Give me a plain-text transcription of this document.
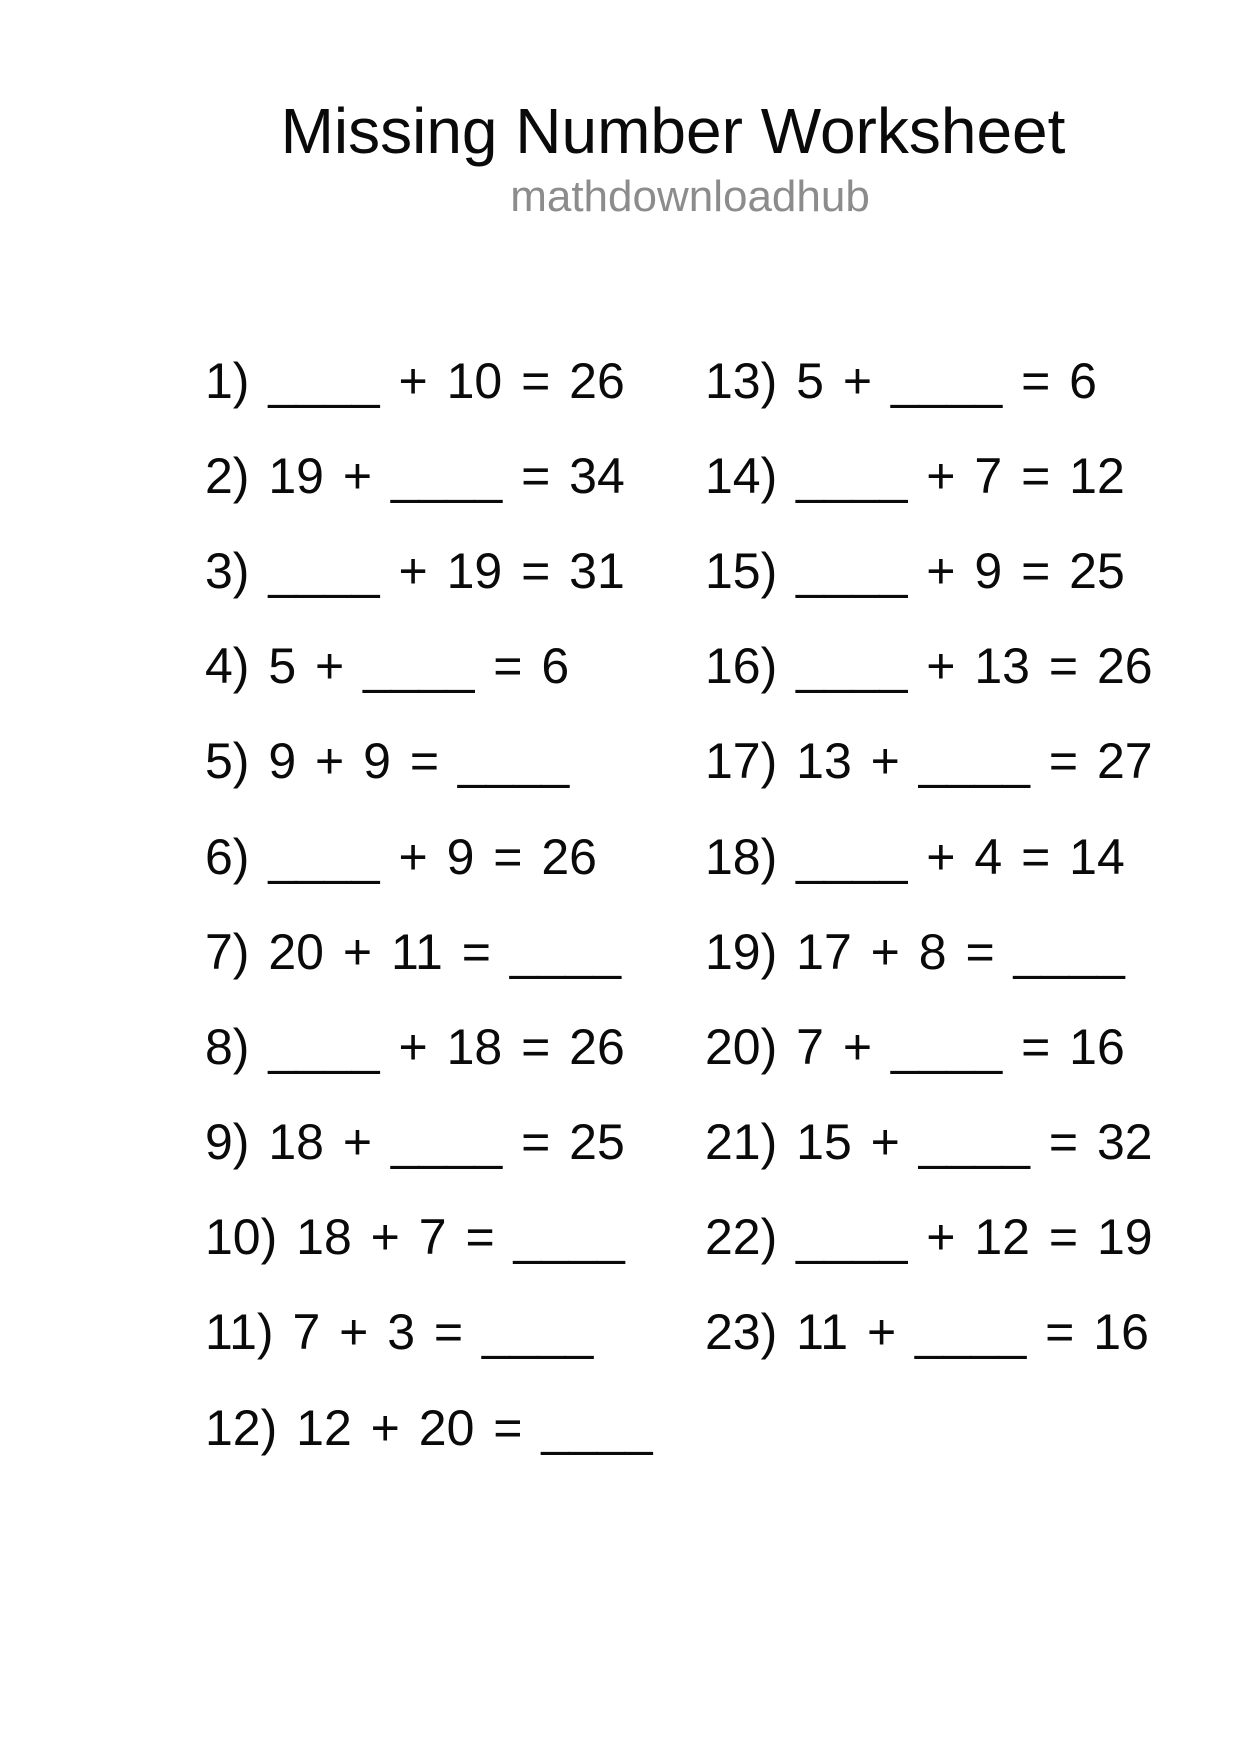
Missing Number Worksheet
mathdownloadhub
1) ____ + 10 = 26
2) 19 + ____ = 34
3) ____ + 19 = 31
4) 5 + ____ = 6
5) 9 + 9 = ____
6) ____ + 9 = 26
7) 20 + 11 = ____
8) ____ + 18 = 26
9) 18 + ____ = 25
10) 18 + 7 = ____
11) 7 + 3 = ____
12) 12 + 20 = ____
13) 5 + ____ = 6
14) ____ + 7 = 12
15) ____ + 9 = 25
16) ____ + 13 = 26
17) 13 + ____ = 27
18) ____ + 4 = 14
19) 17 + 8 = ____
20) 7 + ____ = 16
21) 15 + ____ = 32
22) ____ + 12 = 19
23) 11 + ____ = 16
